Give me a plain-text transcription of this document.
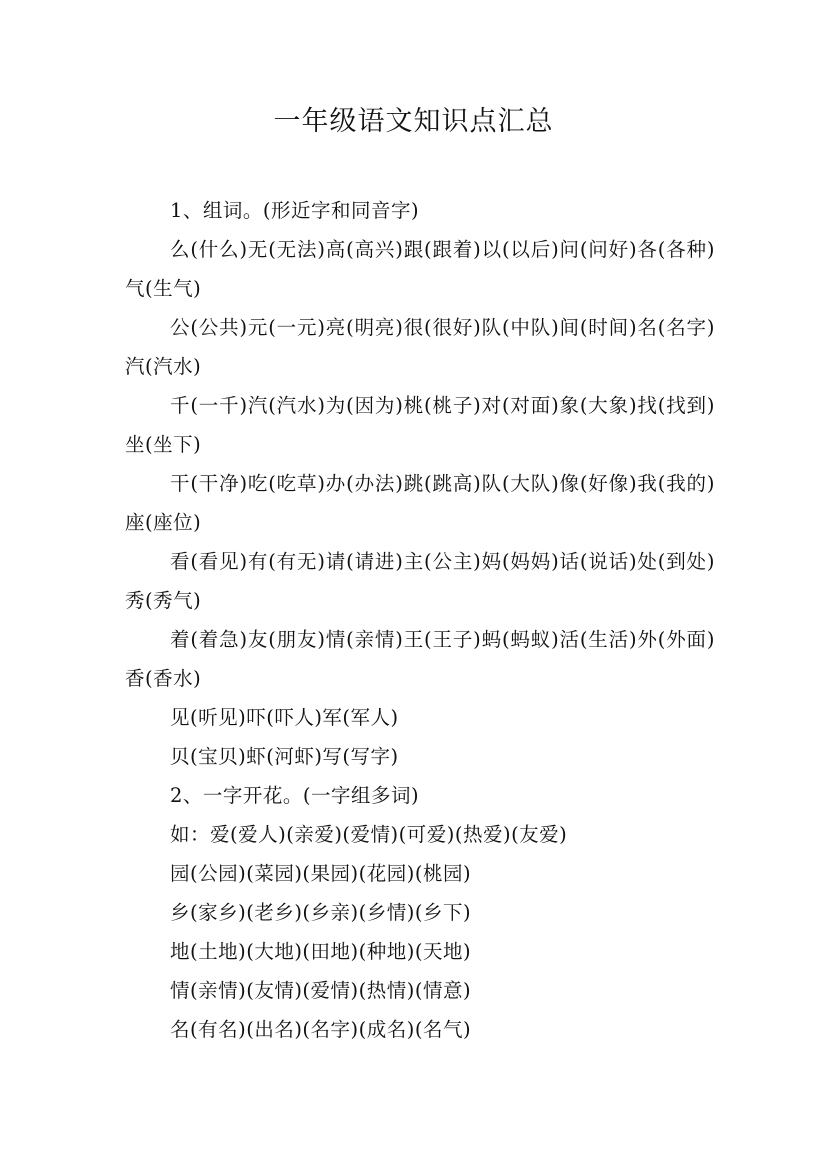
一年级语文知识点汇总

1、组词。(形近字和同音字)

么(什么)无(无法)高(高兴)跟(跟着)以(以后)问(问好)各(各种)气(生气)

公(公共)元(一元)亮(明亮)很(很好)队(中队)间(时间)名(名字)汽(汽水)

千(一千)汽(汽水)为(因为)桃(桃子)对(对面)象(大象)找(找到)坐(坐下)

干(干净)吃(吃草)办(办法)跳(跳高)队(大队)像(好像)我(我的)座(座位)

看(看见)有(有无)请(请进)主(公主)妈(妈妈)话(说话)处(到处)秀(秀气)

着(着急)友(朋友)情(亲情)王(王子)蚂(蚂蚁)活(生活)外(外面)香(香水)

见(听见)吓(吓人)军(军人)

贝(宝贝)虾(河虾)写(写字)

2、一字开花。(一字组多词)

如：爱(爱人)(亲爱)(爱情)(可爱)(热爱)(友爱)

园(公园)(菜园)(果园)(花园)(桃园)

乡(家乡)(老乡)(乡亲)(乡情)(乡下)

地(土地)(大地)(田地)(种地)(天地)

情(亲情)(友情)(爱情)(热情)(情意)

名(有名)(出名)(名字)(成名)(名气)
